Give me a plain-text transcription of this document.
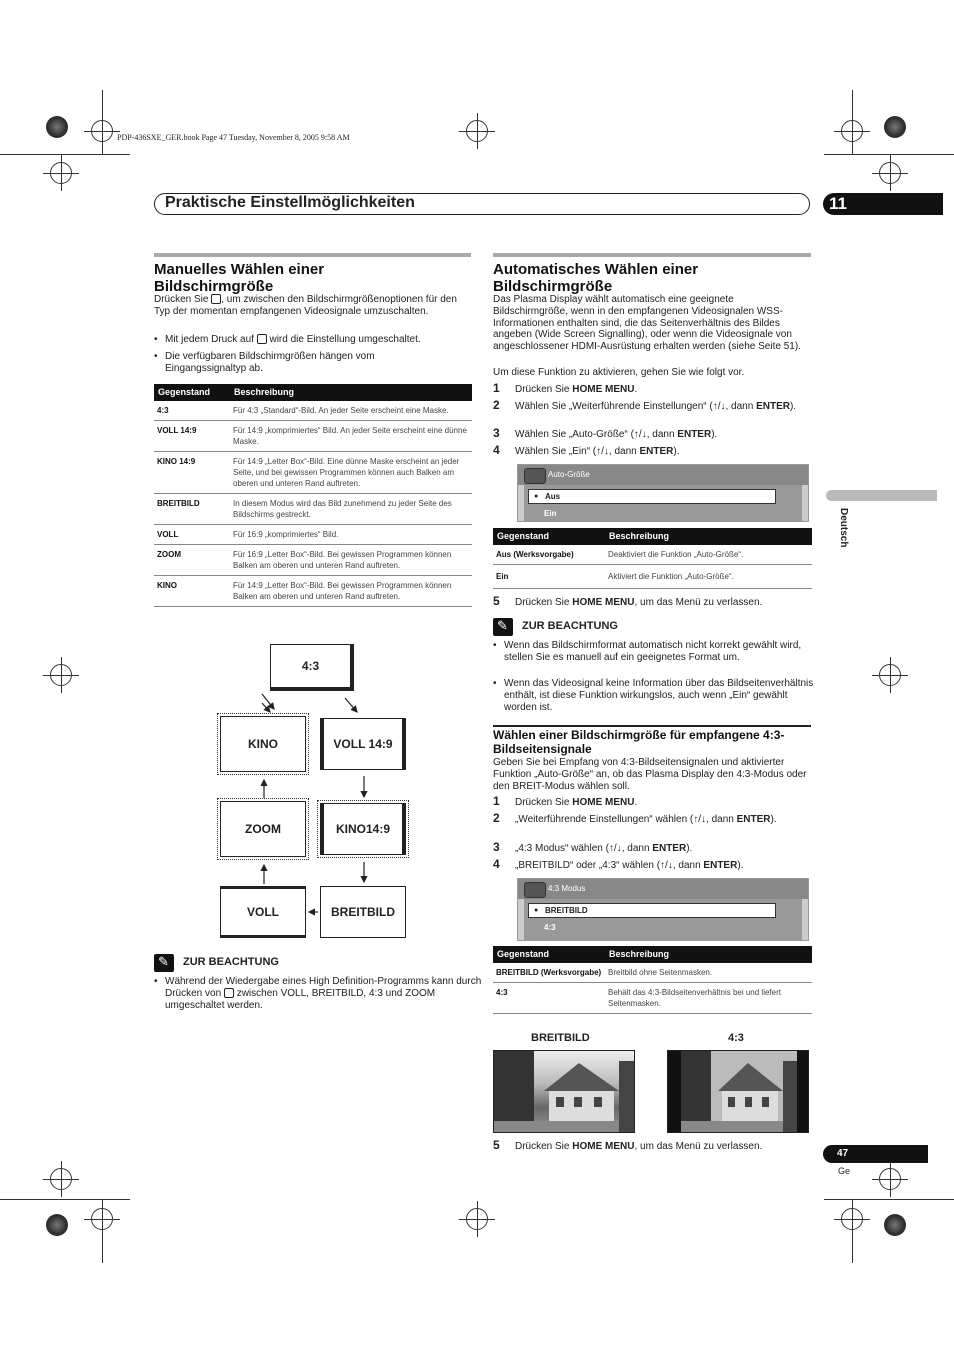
PDP-436SXE_GER.book Page 47 Tuesday, November 8, 2005 9:58 AM
Praktische Einstellmöglichkeiten	11
Deutsch
Manuelles Wählen einer Bildschirmgröße
Drücken Sie , um zwischen den Bildschirmgrößenoptionen für den Typ der momentan empfangenen Videosignale umzuschalten.
• Mit jedem Druck auf wird die Einstellung umgeschaltet.
• Die verfügbaren Bildschirmgrößen hängen vom Eingangssignaltyp ab.
Gegenstand	Beschreibung
4:3	Für 4:3 „Standard“-Bild. An jeder Seite erscheint eine Maske.
VOLL 14:9	Für 14:9 „komprimiertes“ Bild. An jeder Seite erscheint eine dünne Maske.
KINO 14:9	Für 14:9 „Letter Box“-Bild. Eine dünne Maske erscheint an jeder Seite, und bei gewissen Programmen können auch Balken am oberen und unteren Rand auftreten.
BREITBILD	In diesem Modus wird das Bild zunehmend zu jeder Seite des Bildschirms gestreckt.
VOLL	Für 16:9 „komprimiertes“ Bild.
ZOOM	Für 16:9 „Letter Box“-Bild. Bei gewissen Programmen können Balken am oberen und unteren Rand auftreten.
KINO	Für 14:9 „Letter Box“-Bild. Bei gewissen Programmen können Balken am oberen und unteren Rand auftreten.
4:3
KINO	VOLL 14:9
ZOOM	KINO14:9
VOLL	BREITBILD
✎
ZUR BEACHTUNG
• Während der Wiedergabe eines High Definition-Programms kann durch Drücken von zwischen VOLL, BREITBILD, 4:3 und ZOOM umgeschaltet werden.
Automatisches Wählen einer Bildschirmgröße
Das Plasma Display wählt automatisch eine geeignete Bildschirmgröße, wenn in den empfangenen Videosignalen WSS-Informationen enthalten sind, die das Seitenverhältnis des Bildes angeben (Wide Screen Signalling), oder wenn die Videosignale von angeschlossener HDMI-Ausrüstung erhalten werden (siehe Seite 51).
Um diese Funktion zu aktivieren, gehen Sie wie folgt vor.
1 Drücken Sie HOME MENU.
2 Wählen Sie „Weiterführende Einstellungen“ (↑/↓, dann ENTER).
3 Wählen Sie „Auto-Größe“ (↑/↓, dann ENTER).
4 Wählen Sie „Ein“ (↑/↓, dann ENTER).
Auto-Größe
● Aus
Ein
Gegenstand	Beschreibung
Aus (Werksvorgabe)	Deaktiviert die Funktion „Auto-Größe“.
Ein	Aktiviert die Funktion „Auto-Größe“.
5 Drücken Sie HOME MENU, um das Menü zu verlassen.
✎
ZUR BEACHTUNG
• Wenn das Bildschirmformat automatisch nicht korrekt gewählt wird, stellen Sie es manuell auf ein geeignetes Format um.
• Wenn das Videosignal keine Information über das Bildseitenverhältnis enthält, ist diese Funktion wirkungslos, auch wenn „Ein“ gewählt worden ist.
Wählen einer Bildschirmgröße für empfangene 4:3-Bildseitensignale
Geben Sie bei Empfang von 4:3-Bildseitensignalen und aktivierter Funktion „Auto-Größe“ an, ob das Plasma Display den 4:3-Modus oder den BREIT-Modus wählen soll.
1 Drücken Sie HOME MENU.
2 „Weiterführende Einstellungen“ wählen (↑/↓, dann ENTER).
3 „4:3 Modus“ wählen (↑/↓, dann ENTER).
4 „BREITBILD“ oder „4:3“ wählen (↑/↓, dann ENTER).
4:3 Modus
● BREITBILD
4:3
Gegenstand	Beschreibung
BREITBILD (Werksvorgabe)	Breitbild ohne Seitenmasken.
4:3	Behält das 4:3-Bildseitenverhältnis bei und liefert Seitenmasken.
BREITBILD	4:3
5 Drücken Sie HOME MENU, um das Menü zu verlassen.
47
Ge
